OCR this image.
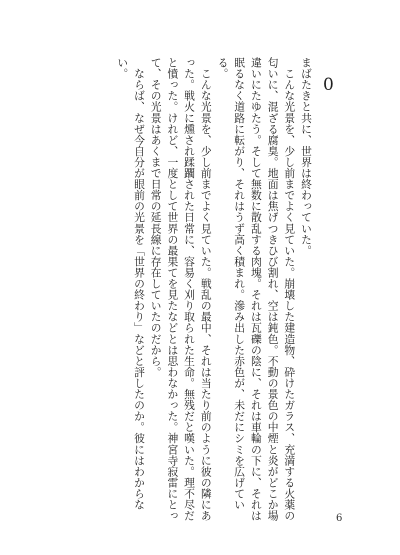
0

まばたきと共に、世界は終わっていた。

　こんな光景を、少し前までよく見ていた。崩壊した建造物、砕けたガラス、充満する火薬の匂いに、混ざる腐臭。地面は焦げつきひび割れ、空は鈍色。不動の景色の中煙と炎がどこか場違いにたゆたう。そして無数に散乱する肉塊。それは瓦礫の陰に、それは車輪の下に、それは眠るなく道路に転がり、それはうず高く積まれ。滲み出した赤色が、未だにシミを広げている。

　こんな光景を、少し前までよく見ていた。戦乱の最中、それは当たり前のように彼の隣にあった。戦火に燻され蹂躙された日常に、容易く刈り取られた生命。無残だと嘆いた。理不尽だと憤った。けれど、一度として世界の最果てを見たなどとは思わなかった。神宮寺寂雷にとって、その光景はあくまで日常の延長線に存在していたのだから。

　ならば、なぜ今自分が眼前の光景を「世界の終わり」などと評したのか。彼にはわからない。

6
